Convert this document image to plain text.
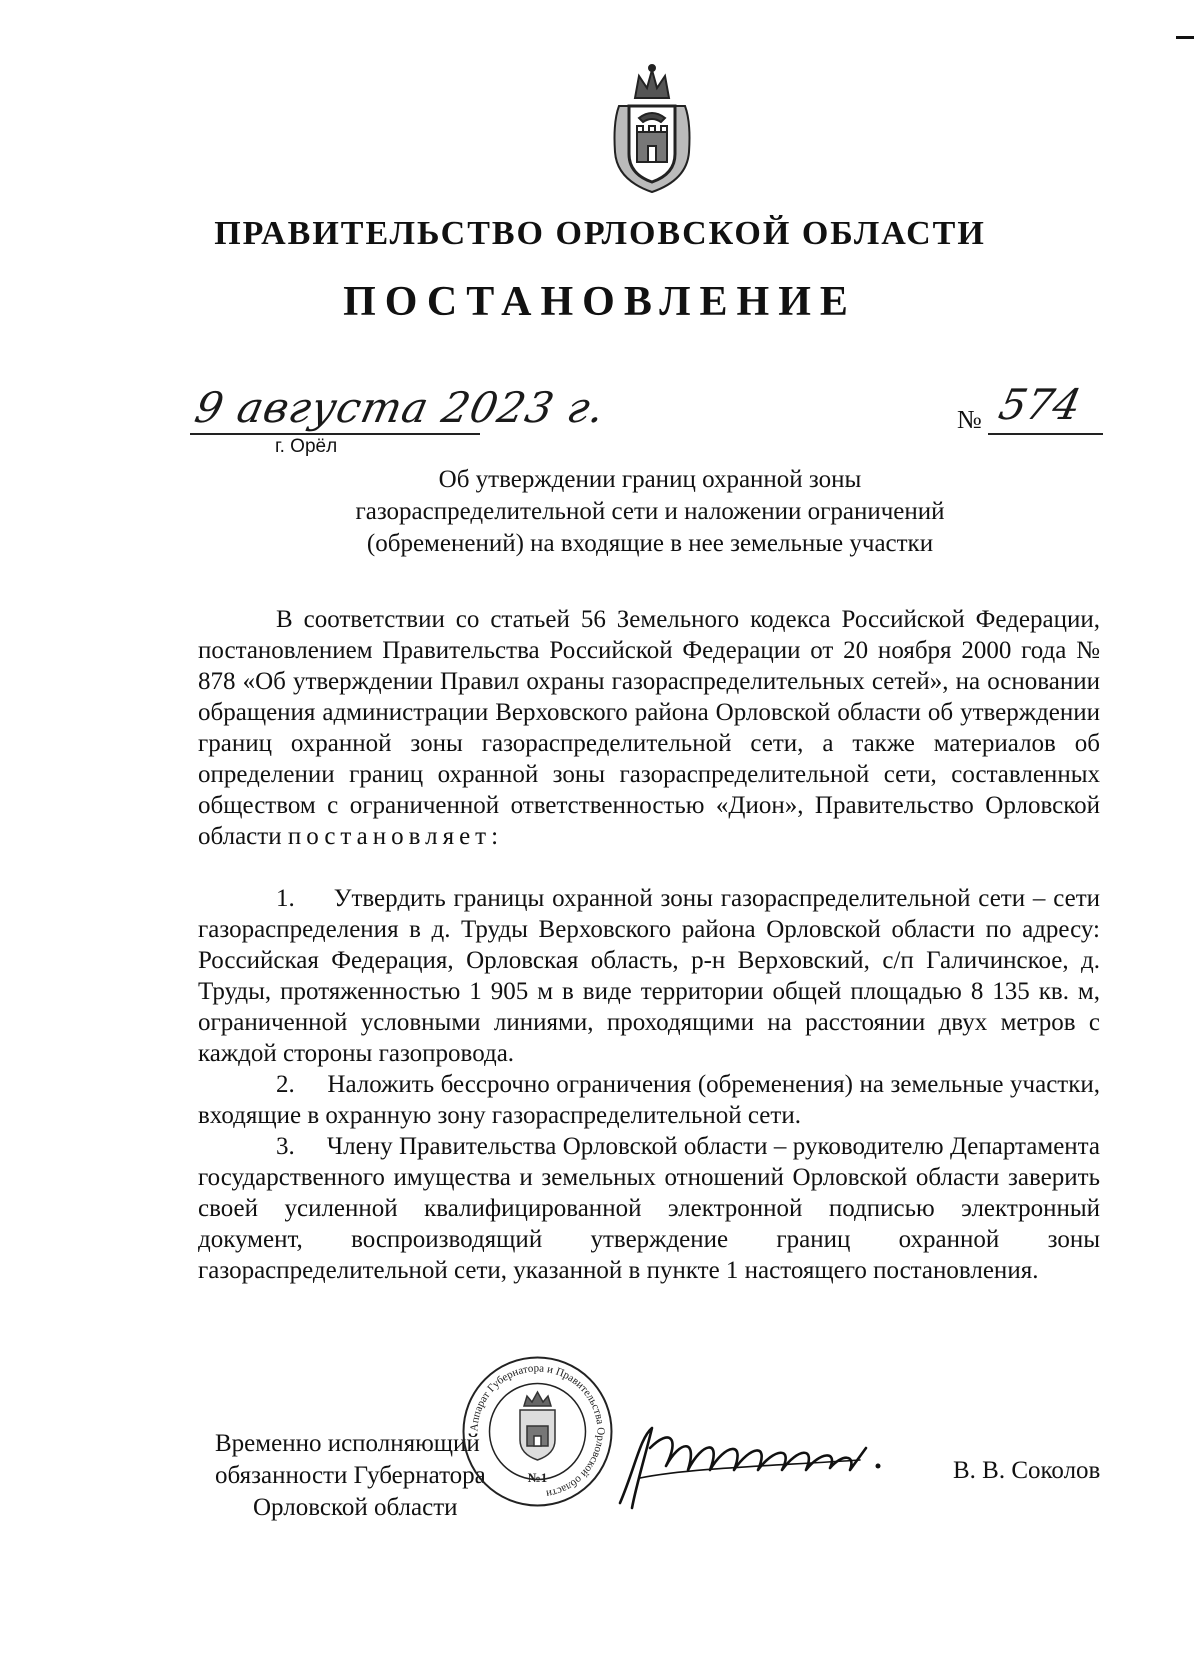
ПРАВИТЕЛЬСТВО ОРЛОВСКОЙ ОБЛАСТИ
ПОСТАНОВЛЕНИЕ
9 августа 2023 г.
г. Орёл
№ 574
Об утверждении границ охранной зоны
газораспределительной сети и наложении ограничений
(обременений) на входящие в нее земельные участки

В соответствии со статьей 56 Земельного кодекса Российской Федерации, постановлением Правительства Российской Федерации от 20 ноября 2000 года № 878 «Об утверждении Правил охраны газораспределительных сетей», на основании обращения администрации Верховского района Орловской области об утверждении границ охранной зоны газораспределительной сети, а также материалов об определении границ охранной зоны газораспределительной сети, составленных обществом с ограниченной ответственностью «Дион», Правительство Орловской области постановляет:

1. Утвердить границы охранной зоны газораспределительной сети – сети газораспределения в д. Труды Верховского района Орловской области по адресу: Российская Федерация, Орловская область, р-н Верховский, с/п Галичинское, д. Труды, протяженностью 1 905 м в виде территории общей площадью 8 135 кв. м, ограниченной условными линиями, проходящими на расстоянии двух метров с каждой стороны газопровода.

2. Наложить бессрочно ограничения (обременения) на земельные участки, входящие в охранную зону газораспределительной сети.

3. Члену Правительства Орловской области – руководителю Департамента государственного имущества и земельных отношений Орловской области заверить своей усиленной квалифицированной электронной подписью электронный документ, воспроизводящий утверждение границ охранной зоны газораспределительной сети, указанной в пункте 1 настоящего постановления.

Временно исполняющий
обязанности Губернатора
Орловской области
Аппарат Губернатора и Правительства Орловской области
№1	В. В. Соколов
